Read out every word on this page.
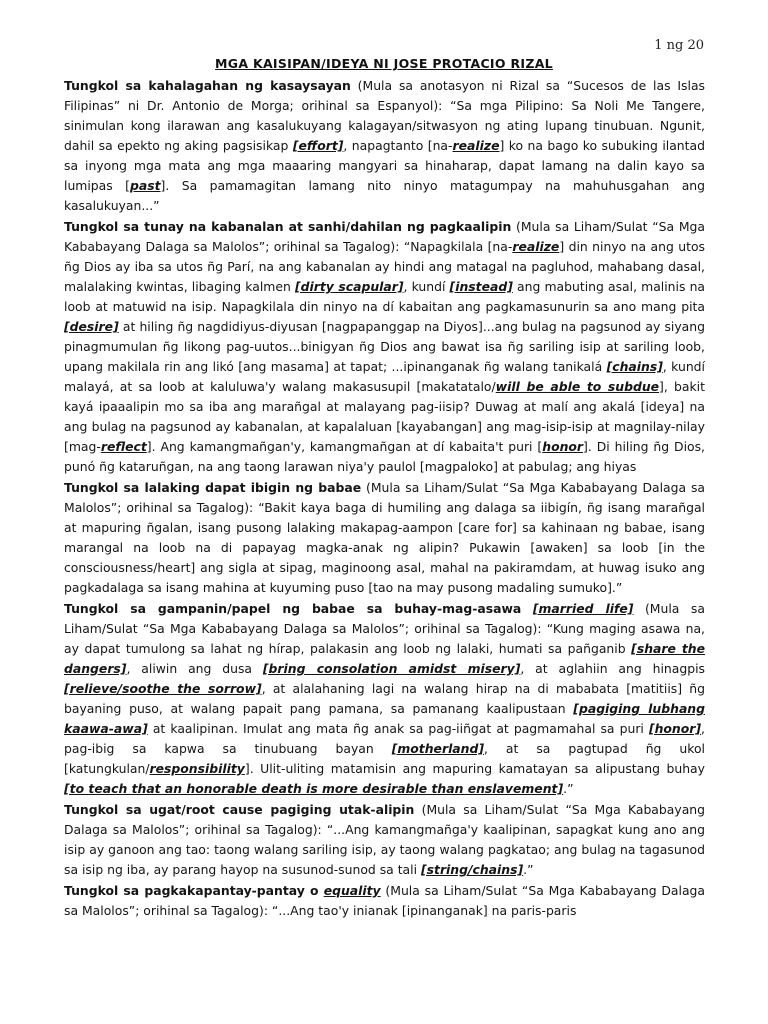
1 ng 20
MGA KAISIPAN/IDEYA NI JOSE PROTACIO RIZAL

Tungkol sa kahalagahan ng kasaysayan (Mula sa anotasyon ni Rizal sa “Sucesos de las Islas Filipinas” ni Dr. Antonio de Morga; orihinal sa Espanyol): “Sa mga Pilipino: Sa Noli Me Tangere, sinimulan kong ilarawan ang kasalukuyang kalagayan/sitwasyon ng ating lupang tinubuan. Ngunit, dahil sa epekto ng aking pagsisikap [effort], napagtanto [na-realize] ko na bago ko subuking ilantad sa inyong mga mata ang mga maaaring mangyari sa hinaharap, dapat lamang na dalin kayo sa lumipas [past]. Sa pamamagitan lamang nito ninyo matagumpay na mahuhusgahan ang kasalukuyan...”

Tungkol sa tunay na kabanalan at sanhi/dahilan ng pagkaalipin (Mula sa Liham/Sulat “Sa Mga Kababayang Dalaga sa Malolos”; orihinal sa Tagalog): “Napagkilala [na-realize] din ninyo na ang utos ñg Dios ay iba sa utos ñg Parí, na ang kabanalan ay hindi ang matagal na pagluhod, mahabang dasal, malalaking kwintas, libaging kalmen [dirty scapular], kundí [instead] ang mabuting asal, malinis na loob at matuwid na isip. Napagkilala din ninyo na dí kabaitan ang pagkamasunurin sa ano mang pita [desire] at hiling ñg nagdidiyus-diyusan [nagpapanggap na Diyos]...ang bulag na pagsunod ay siyang pinagmumulan ñg likong pag-uutos...binigyan ñg Dios ang bawat isa ñg sariling isip at sariling loob, upang makilala rin ang likó [ang masama] at tapat; ...ipinanganak ñg walang tanikalá [chains], kundí malayá, at sa loob at kaluluwa'y walang makasusupil [makatatalo/will be able to subdue], bakit kayá ipaaalipin mo sa iba ang marañgal at malayang pag-iisip? Duwag at malí ang akalá [ideya] na ang bulag na pagsunod ay kabanalan, at kapalaluan [kayabangan] ang mag-isip-isip at magnilay-nilay [mag-reflect]. Ang kamangmañgan'y, kamangmañgan at dí kabaita't puri [honor]. Di hiling ñg Dios, punó ñg kataruñgan, na ang taong larawan niya'y paulol [magpaloko] at pabulag; ang hiyas

Tungkol sa lalaking dapat ibigin ng babae (Mula sa Liham/Sulat “Sa Mga Kababayang Dalaga sa Malolos”; orihinal sa Tagalog): “Bakit kaya baga di humiling ang dalaga sa iibigín, ñg isang marañgal at mapuring ñgalan, isang pusong lalaking makapag-aampon [care for] sa kahinaan ng babae, isang marangal na loob na di papayag magka-anak ng alipin? Pukawin [awaken] sa loob [in the consciousness/heart] ang sigla at sipag, maginoong asal, mahal na pakiramdam, at huwag isuko ang pagkadalaga sa isang mahina at kuyuming puso [tao na may pusong madaling sumuko].”

Tungkol sa gampanin/papel ng babae sa buhay-mag-asawa [married life] (Mula sa Liham/Sulat “Sa Mga Kababayang Dalaga sa Malolos”; orihinal sa Tagalog): “Kung maging asawa na, ay dapat tumulong sa lahat ng hírap, palakasin ang loob ng lalaki, humati sa pañganib [share the dangers], aliwin ang dusa [bring consolation amidst misery], at aglahiin ang hinagpis [relieve/soothe the sorrow], at alalahaning lagi na walang hirap na di mababata [matitiis] ñg bayaning puso, at walang papait pang pamana, sa pamanang kaalipustaan [pagiging lubhang kaawa-awa] at kaalipinan. Imulat ang mata ñg anak sa pag-iiñgat at pagmamahal sa puri [honor], pag-ibig sa kapwa sa tinubuang bayan [motherland], at sa pagtupad ñg ukol [katungkulan/responsibility]. Ulit-uliting matamisin ang mapuring kamatayan sa alipustang buhay [to teach that an honorable death is more desirable than enslavement].”

Tungkol sa ugat/root cause pagiging utak-alipin (Mula sa Liham/Sulat “Sa Mga Kababayang Dalaga sa Malolos”; orihinal sa Tagalog): “...Ang kamangmañga'y kaalipinan, sapagkat kung ano ang isip ay ganoon ang tao: taong walang sariling isip, ay taong walang pagkatao; ang bulag na tagasunod sa isip ng iba, ay parang hayop na susunod-sunod sa tali [string/chains].”

Tungkol sa pagkakapantay-pantay o equality (Mula sa Liham/Sulat “Sa Mga Kababayang Dalaga sa Malolos”; orihinal sa Tagalog): “...Ang tao'y inianak [ipinanganak] na paris-paris
